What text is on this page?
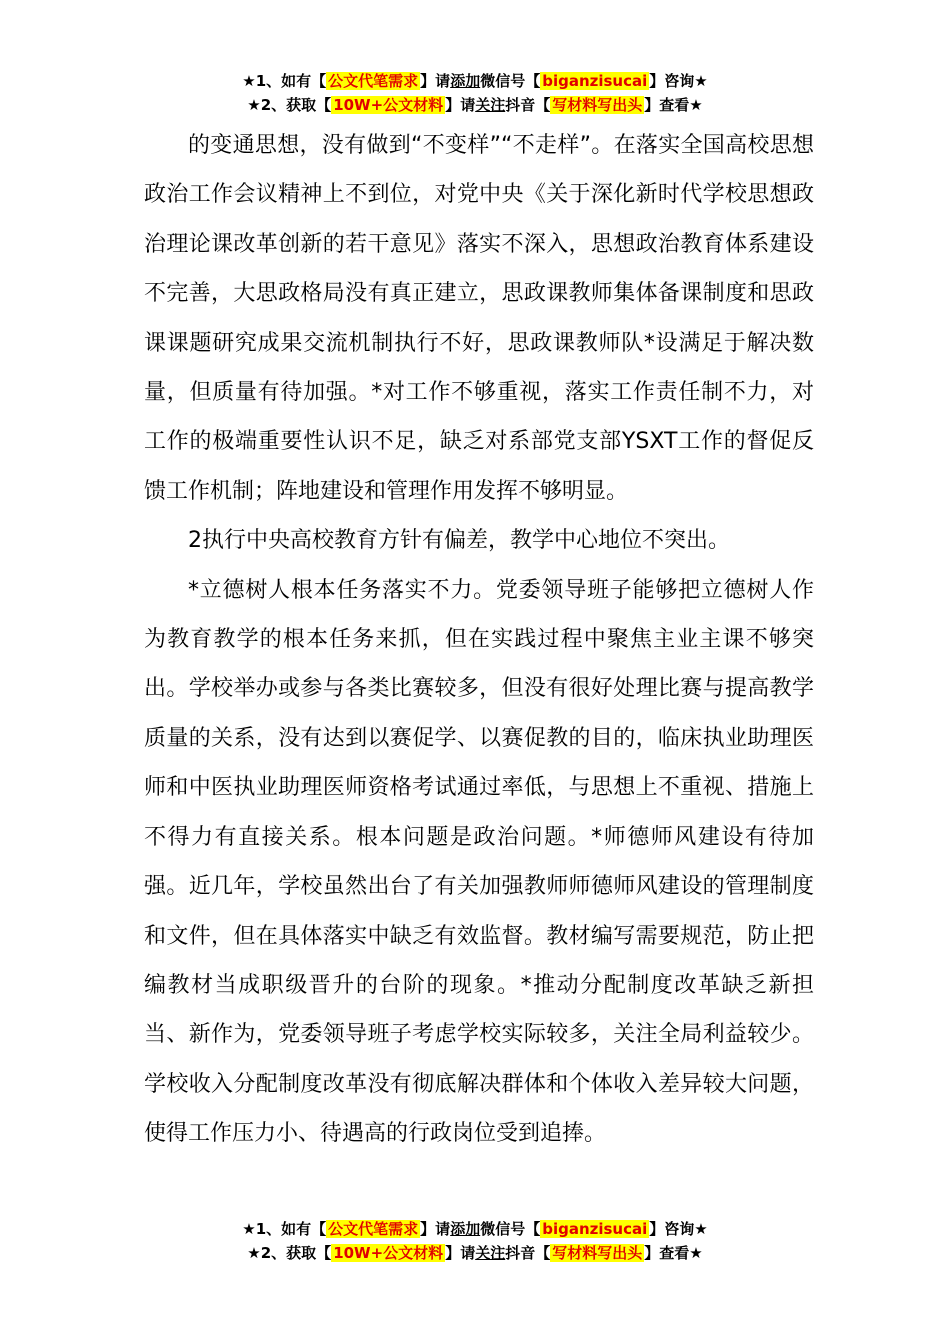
★1、如有【 公文代笔需求 】请添加微信号【 biganzisucai 】咨询★
★2、获取【 10W+公文材料 】请关注抖音【 写材料写出头 】查看★

的变通思想，没有做到“不变样”“不走样”。在落实全国高校思想政治工作会议精神上不到位，对党中央《关于深化新时代学校思想政治理论课改革创新的若干意见》落实不深入，思想政治教育体系建设不完善，大思政格局没有真正建立，思政课教师集体备课制度和思政课课题研究成果交流机制执行不好，思政课教师队*设满足于解决数量，但质量有待加强。*对工作不够重视，落实工作责任制不力，对工作的极端重要性认识不足，缺乏对系部党支部YSXT工作的督促反馈工作机制；阵地建设和管理作用发挥不够明显。

2执行中央高校教育方针有偏差，教学中心地位不突出。

*立德树人根本任务落实不力。党委领导班子能够把立德树人作为教育教学的根本任务来抓，但在实践过程中聚焦主业主课不够突出。学校举办或参与各类比赛较多，但没有很好处理比赛与提高教学质量的关系，没有达到以赛促学、以赛促教的目的，临床执业助理医师和中医执业助理医师资格考试通过率低，与思想上不重视、措施上不得力有直接关系。根本问题是政治问题。*师德师风建设有待加强。近几年，学校虽然出台了有关加强教师师德师风建设的管理制度和文件，但在具体落实中缺乏有效监督。教材编写需要规范，防止把编教材当成职级晋升的台阶的现象。*推动分配制度改革缺乏新担当、新作为，党委领导班子考虑学校实际较多，关注全局利益较少。学校收入分配制度改革没有彻底解决群体和个体收入差异较大问题，使得工作压力小、待遇高的行政岗位受到追捧。

★1、如有【 公文代笔需求 】请添加微信号【 biganzisucai 】咨询★
★2、获取【 10W+公文材料 】请关注抖音【 写材料写出头 】查看★
